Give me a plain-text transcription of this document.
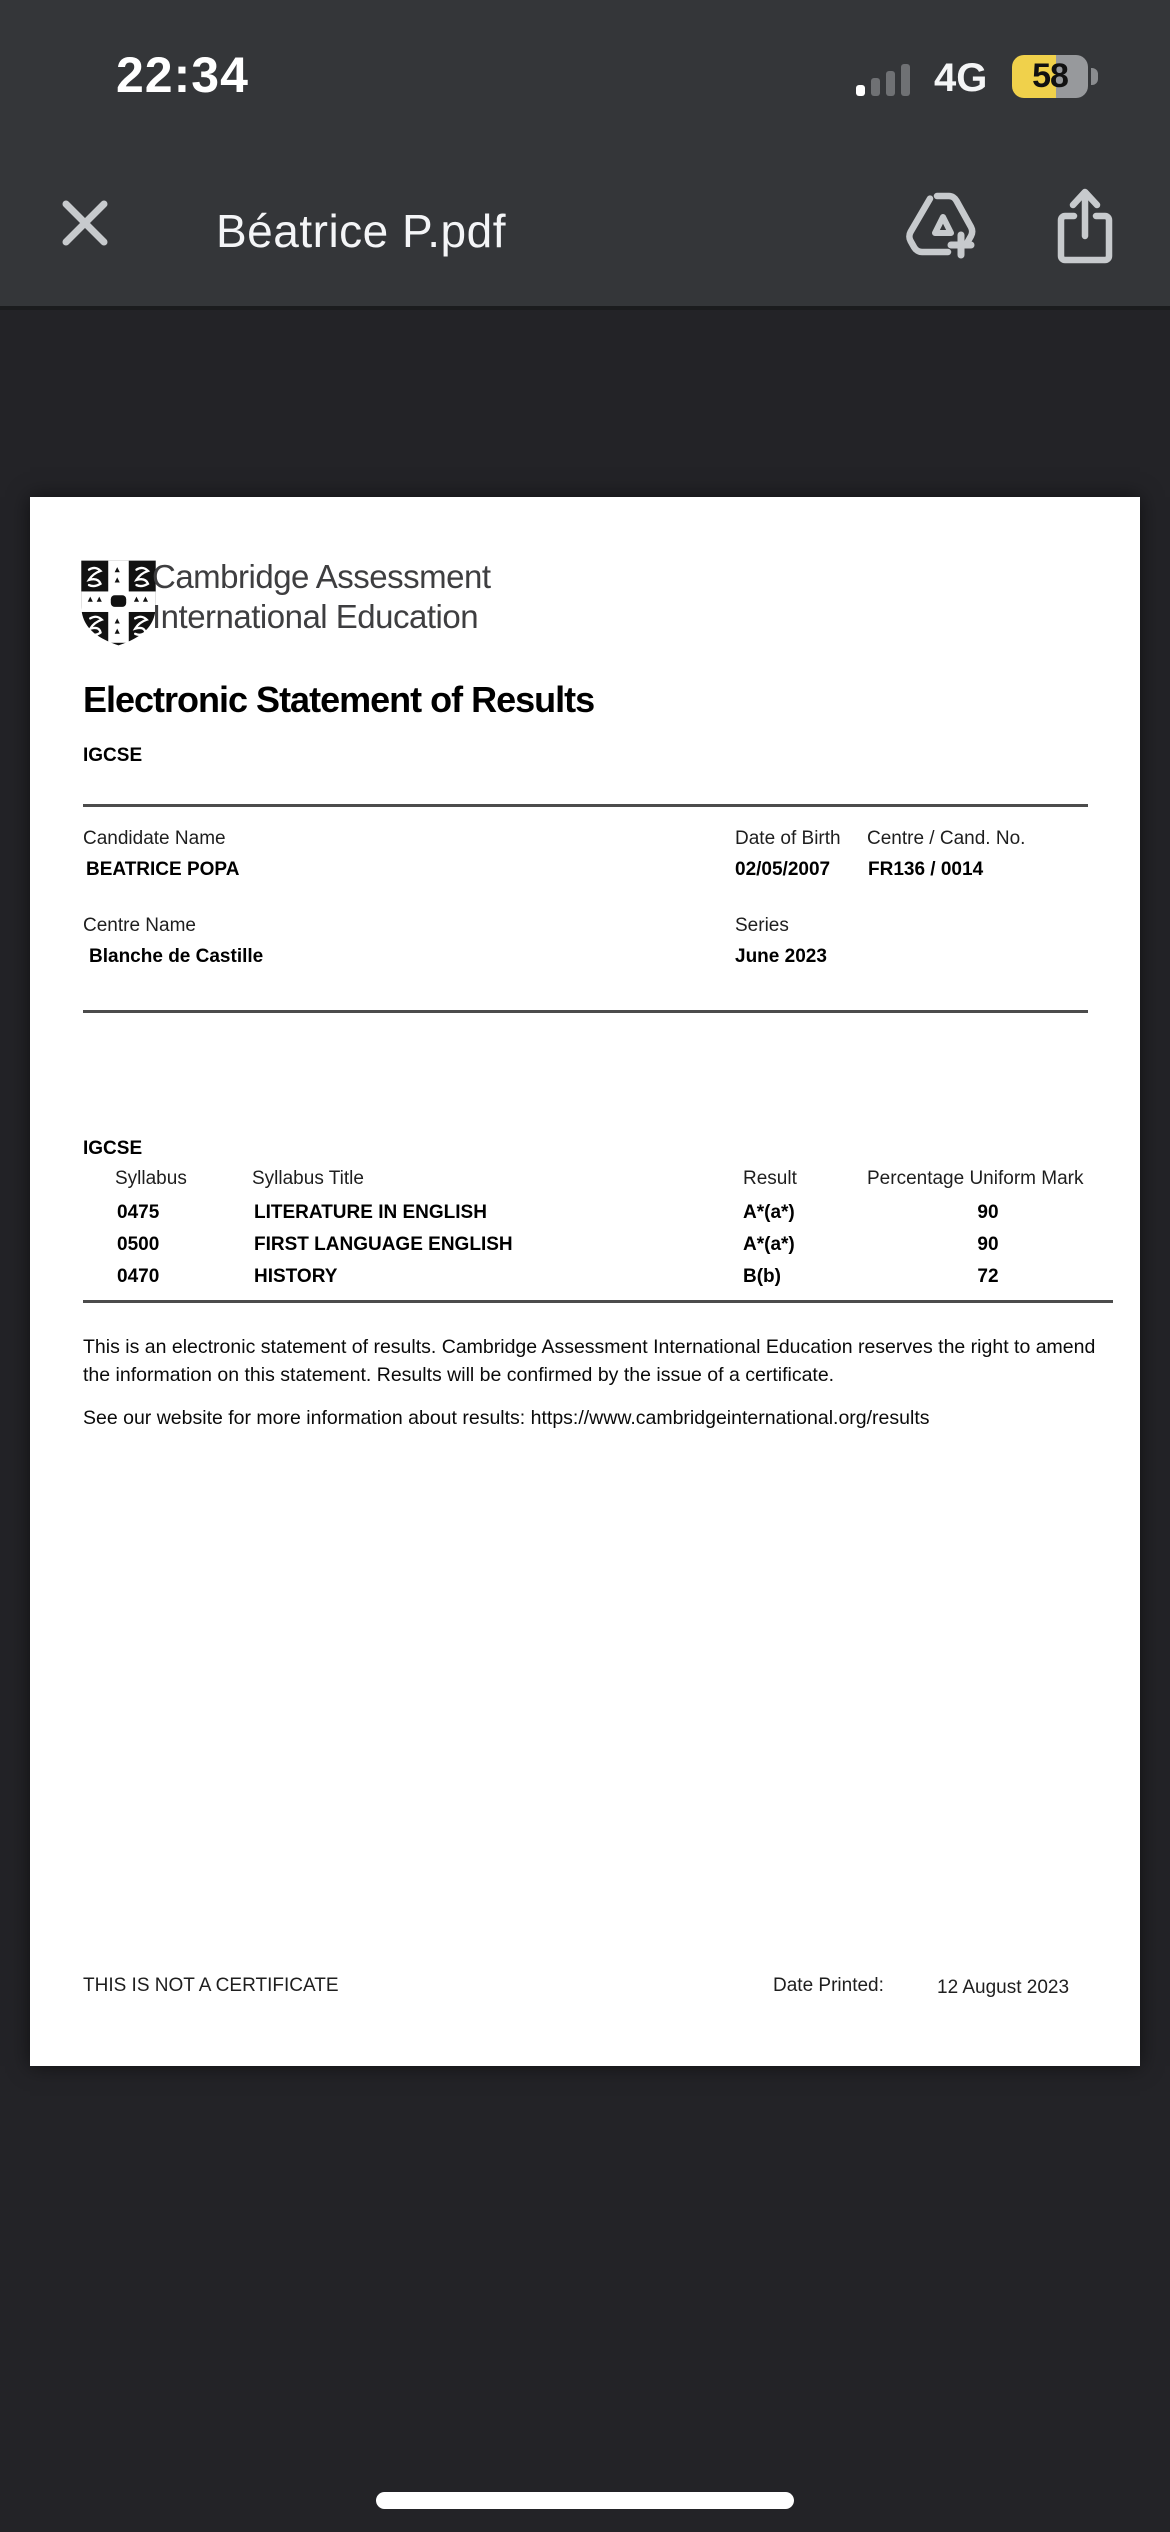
22:34	4G 58
Béatrice P.pdf
Cambridge Assessment
International Education
Electronic Statement of Results
IGCSE
Candidate Name	Date of Birth Centre / Cand. No.
BEATRICE POPA	02/05/2007 FR136 / 0014
Centre Name	Series
Blanche de Castille	June 2023
IGCSE
Syllabus	Syllabus Title	Result	Percentage Uniform Mark
0475	LITERATURE IN ENGLISH	A*(a*)	90
0500	FIRST LANGUAGE ENGLISH	A*(a*)	90
0470	HISTORY	B(b)	72
This is an electronic statement of results. Cambridge Assessment International Education reserves the right to amend the information on this statement. Results will be confirmed by the issue of a certificate.
See our website for more information about results: https://www.cambridgeinternational.org/results
THIS IS NOT A CERTIFICATE	Date Printed:	12 August 2023
